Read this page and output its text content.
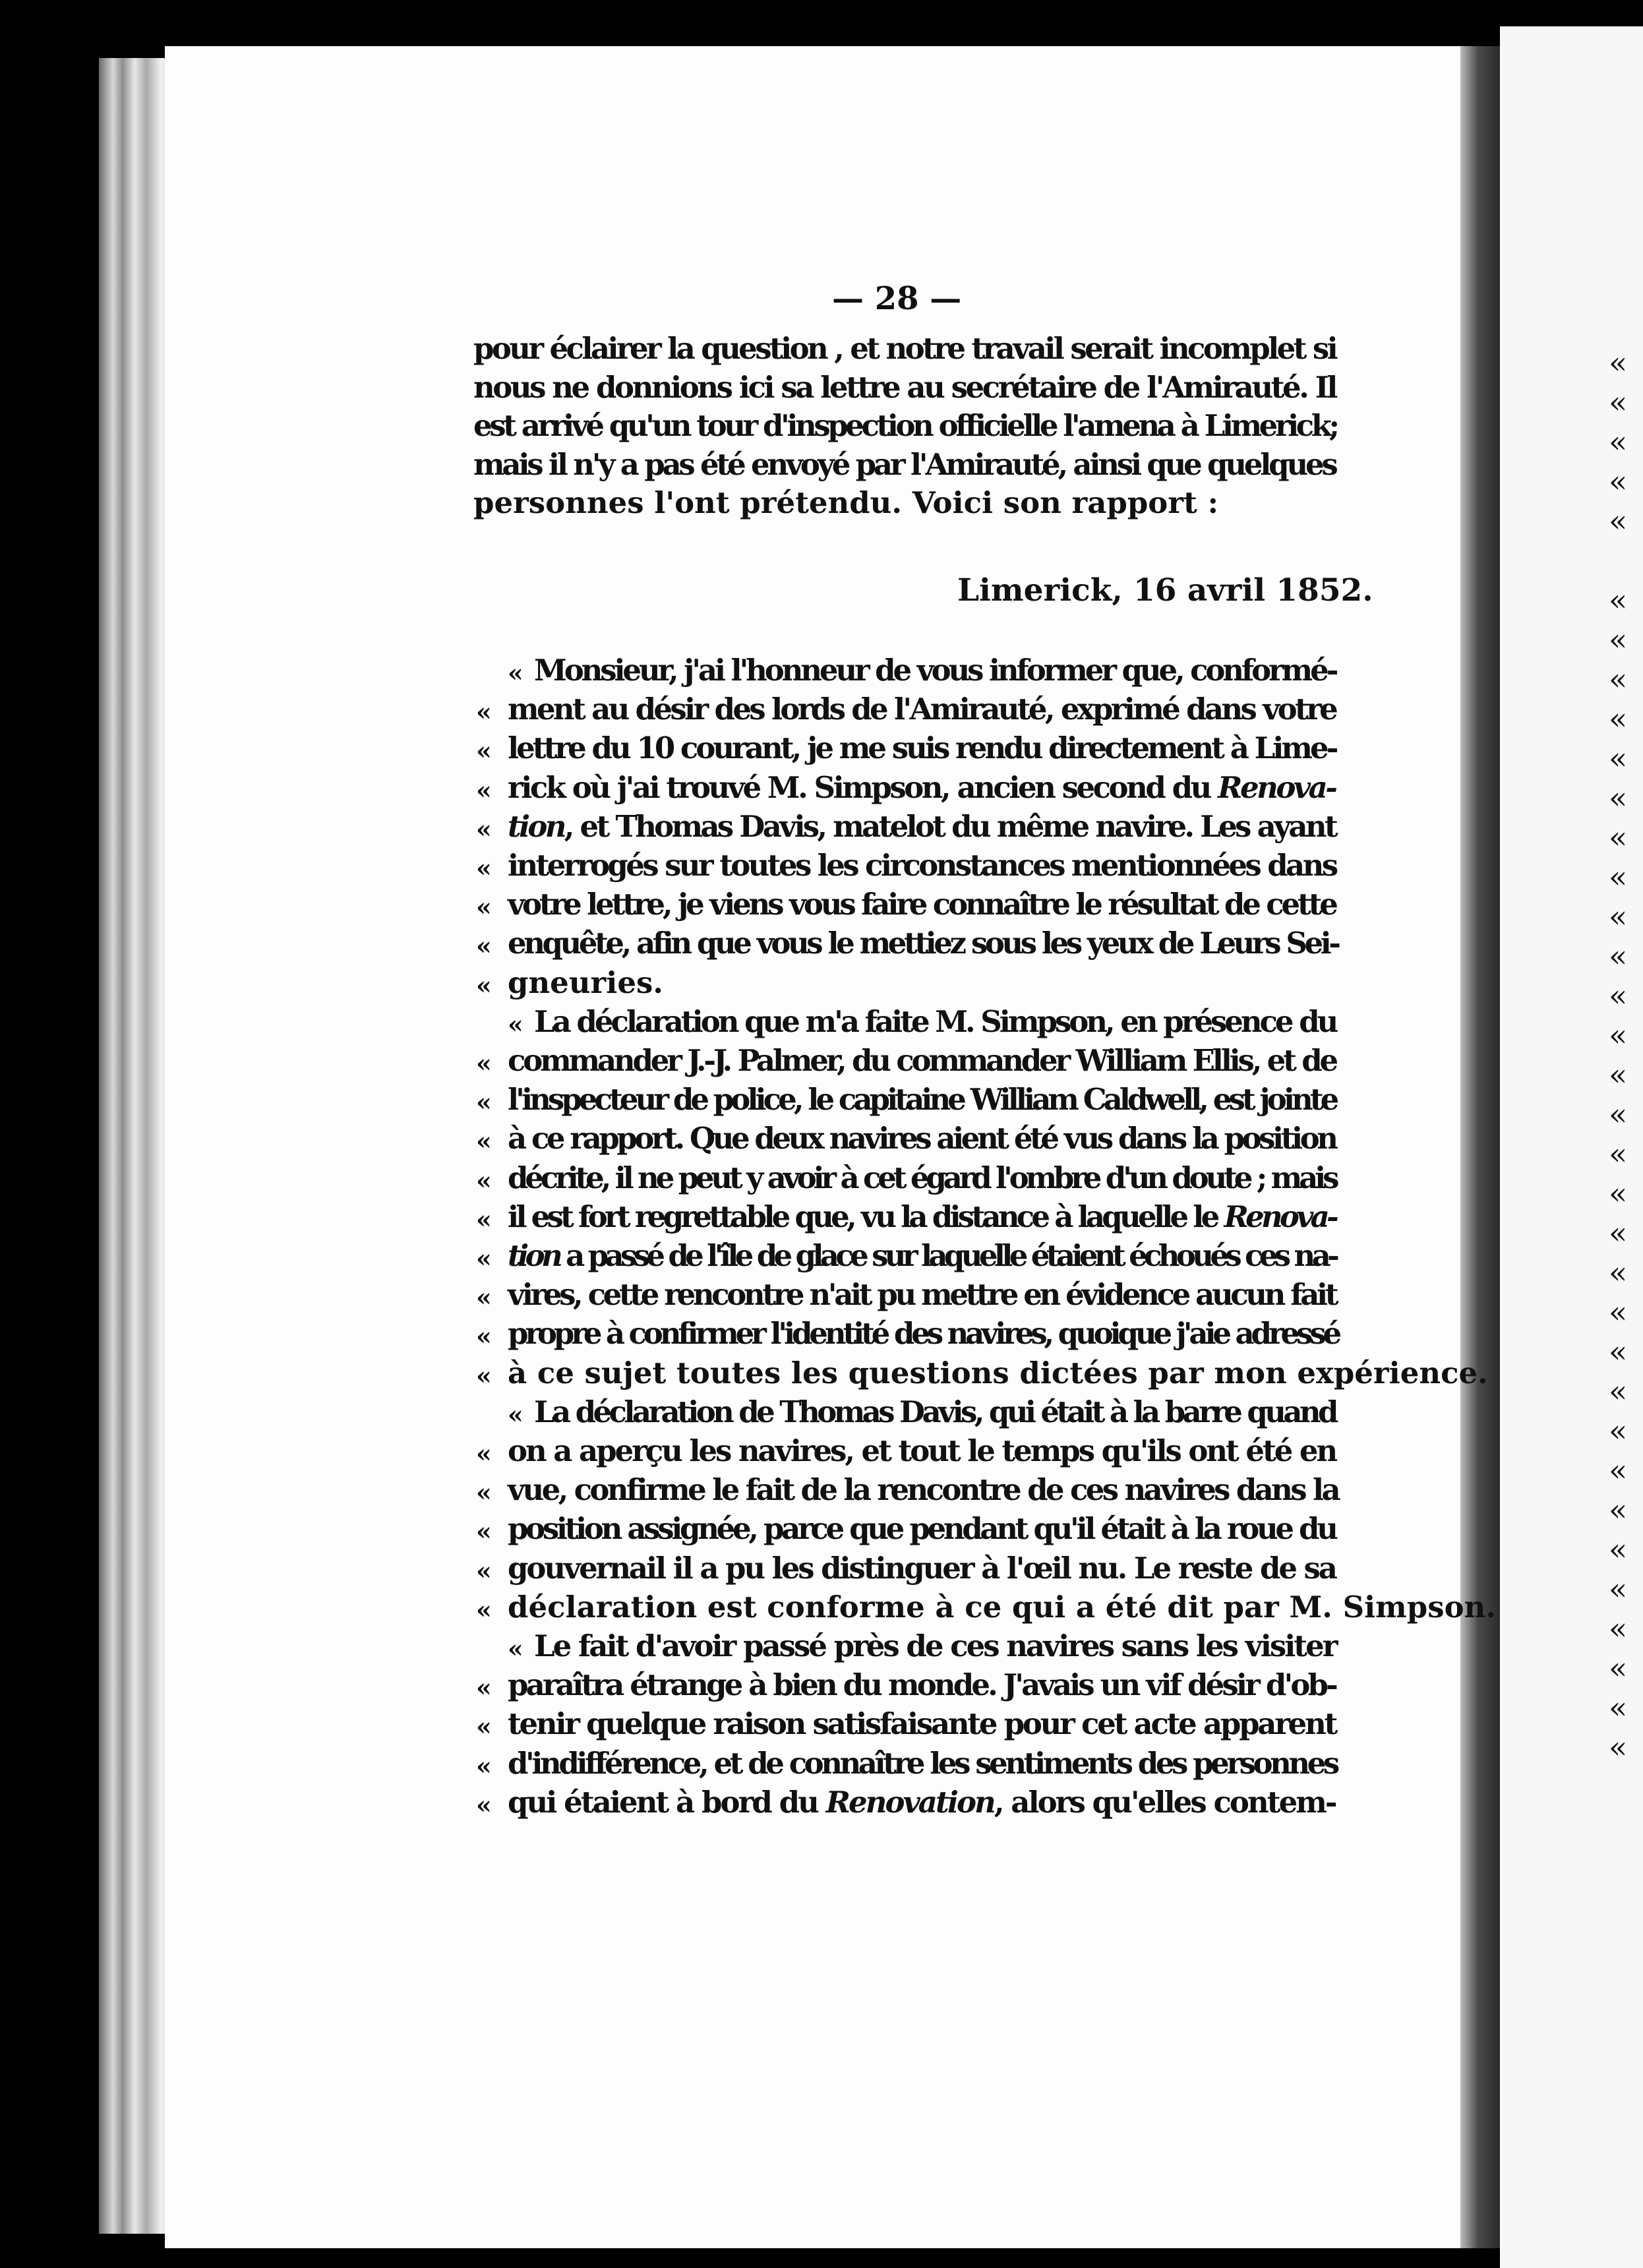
«
«
«
«
«

«
«
«
«
«
«
«
«
«
«
«
«
«
«
«
«
«
«
«
«
«
«
«
«
«
«
«
«
«
«
— 28 —
pour éclairer la question , et notre travail serait incomplet si
nous ne donnions ici sa lettre au secrétaire de l'Amirauté. Il
est arrivé qu'un tour d'inspection officielle l'amena à Limerick;
mais il n'y a pas été envoyé par l'Amirauté, ainsi que quelques
personnes l'ont prétendu. Voici son rapport :
« Monsieur, j'ai l'honneur de vous informer que, conformé-
« ment au désir des lords de l'Amirauté, exprimé dans votre
« lettre du 10 courant, je me suis rendu directement à Lime-
« rick où j'ai trouvé M. Simpson, ancien second du Renova-
« tion, et Thomas Davis, matelot du même navire. Les ayant
« interrogés sur toutes les circonstances mentionnées dans
« votre lettre, je viens vous faire connaître le résultat de cette
« enquête, afin que vous le mettiez sous les yeux de Leurs Sei-
« gneuries.
« La déclaration que m'a faite M. Simpson, en présence du
« commander J.-J. Palmer, du commander William Ellis, et de
« l'inspecteur de police, le capitaine William Caldwell, est jointe
« à ce rapport. Que deux navires aient été vus dans la position
« décrite, il ne peut y avoir à cet égard l'ombre d'un doute ; mais
« il est fort regrettable que, vu la distance à laquelle le Renova-
« tion a passé de l'île de glace sur laquelle étaient échoués ces na-
« vires, cette rencontre n'ait pu mettre en évidence aucun fait
« propre à confirmer l'identité des navires, quoique j'aie adressé
« à ce sujet toutes les questions dictées par mon expérience.
« La déclaration de Thomas Davis, qui était à la barre quand
« on a aperçu les navires, et tout le temps qu'ils ont été en
« vue, confirme le fait de la rencontre de ces navires dans la
« position assignée, parce que pendant qu'il était à la roue du
« gouvernail il a pu les distinguer à l'œil nu. Le reste de sa
« déclaration est conforme à ce qui a été dit par M. Simpson.
« Le fait d'avoir passé près de ces navires sans les visiter
« paraîtra étrange à bien du monde. J'avais un vif désir d'ob-
« tenir quelque raison satisfaisante pour cet acte apparent
« d'indifférence, et de connaître les sentiments des personnes
« qui étaient à bord du Renovation, alors qu'elles contem-
Limerick, 16 avril 1852.
